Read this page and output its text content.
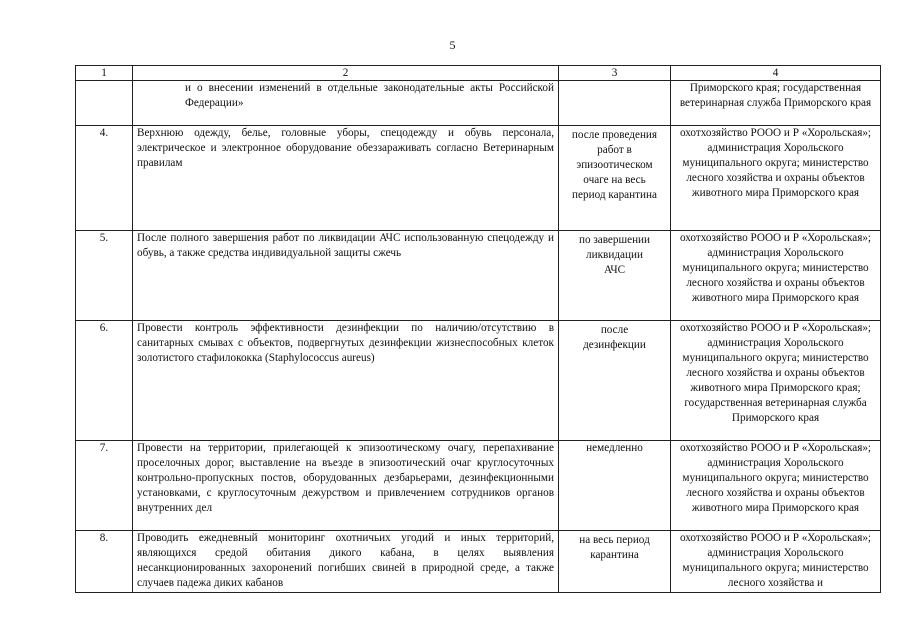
5
1	2	3	4
	и о внесении изменений в отдельные законодательные акты Российской Федерации»		Приморского края; государственная ветеринарная служба Приморского края
4.	Верхнюю одежду, белье, головные уборы, спецодежду и обувь персонала, электрическое и электронное оборудование обеззараживать согласно Ветеринарным правилам	после проведения работ в эпизоотическом очаге на весь период карантина	охотхозяйство РООО и Р «Хорольская»; администрация Хорольского муниципального округа; министерство лесного хозяйства и охраны объектов животного мира Приморского края
5.	После полного завершения работ по ликвидации АЧС использованную спецодежду и обувь, а также средства индивидуальной защиты сжечь	по завершении ликвидации АЧС	охотхозяйство РООО и Р «Хорольская»; администрация Хорольского муниципального округа; министерство лесного хозяйства и охраны объектов животного мира Приморского края
6.	Провести контроль эффективности дезинфекции по наличию/отсутствию в санитарных смывах с объектов, подвергнутых дезинфекции жизнеспособных клеток золотистого стафилококка (Staphylococcus aureus)	после дезинфекции	охотхозяйство РООО и Р «Хорольская»; администрация Хорольского муниципального округа; министерство лесного хозяйства и охраны объектов животного мира Приморского края; государственная ветеринарная служба Приморского края
7.	Провести на территории, прилегающей к эпизоотическому очагу, перепахивание проселочных дорог, выставление на въезде в эпизоотический очаг круглосуточных контрольно-пропускных постов, оборудованных дезбарьерами, дезинфекционными установками, с круглосуточным дежурством и привлечением сотрудников органов внутренних дел	немедленно	охотхозяйство РООО и Р «Хорольская»; администрация Хорольского муниципального округа; министерство лесного хозяйства и охраны объектов животного мира Приморского края
8.	Проводить ежедневный мониторинг охотничьих угодий и иных территорий, являющихся средой обитания дикого кабана, в целях выявления несанкционированных захоронений погибших свиней в природной среде, а также случаев падежа диких кабанов	на весь период карантина	охотхозяйство РООО и Р «Хорольская»; администрация Хорольского муниципального округа; министерство лесного хозяйства и
